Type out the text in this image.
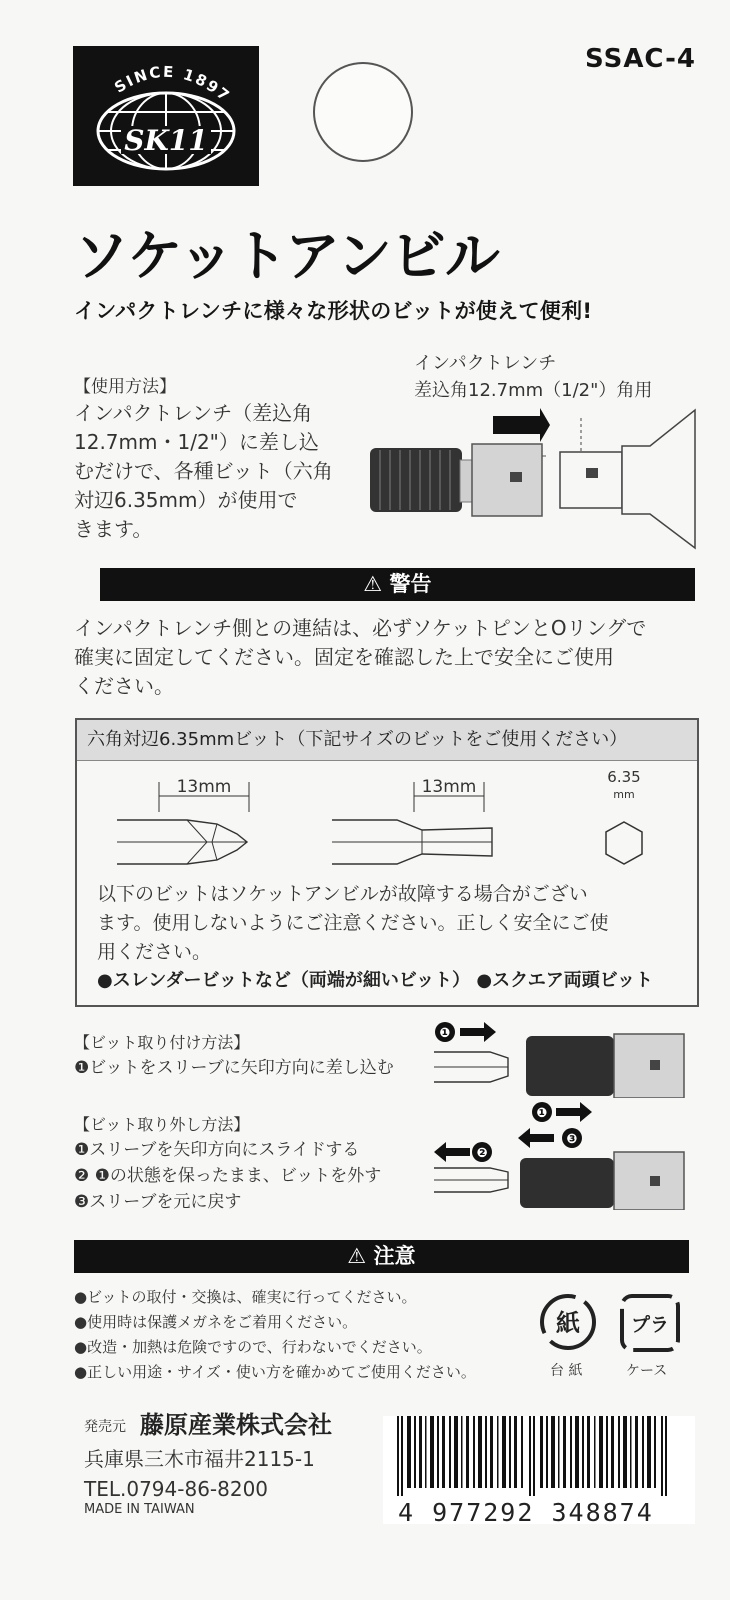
SINCE 1897
SK11
SSAC-4
ソケットアンビル
インパクトレンチに様々な形状のビットが使えて便利!
【使用方法】
インパクトレンチ（差込角
12.7mm・1/2"）に差し込
むだけで、各種ビット（六角
対辺6.35mm）が使用で
きます。
インパクトレンチ
差込角12.7mm（1/2"）角用
⚠ 警告
インパクトレンチ側との連結は、必ずソケットピンとOリングで
確実に固定してください。固定を確認した上で安全にご使用
ください。
六角対辺6.35mmビット（下記サイズのビットをご使用ください）
13mm	13mm	6.35
mm
以下のビットはソケットアンビルが故障する場合がござい
ます。使用しないようにご注意ください。正しく安全にご使
用ください。
●スレンダービットなど（両端が細いビット） ●スクエア両頭ビット
【ビット取り付け方法】
❶ビットをスリーブに矢印方向に差し込む
❶
【ビット取り外し方法】
❶スリーブを矢印方向にスライドする
❷ ❶の状態を保ったまま、ビットを外す
❸スリーブを元に戻す
❶
❸
❷
⚠ 注意
●ビットの取付・交換は、確実に行ってください。
●使用時は保護メガネをご着用ください。
●改造・加熱は危険ですので、行わないでください。
●正しい用途・サイズ・使い方を確かめてご使用ください。
紙	プラ
台 紙	ケース
発売元 藤原産業株式会社
兵庫県三木市福井2115-1
TEL.0794-86-8200
MADE IN TAIWAN	4 977292 348874
